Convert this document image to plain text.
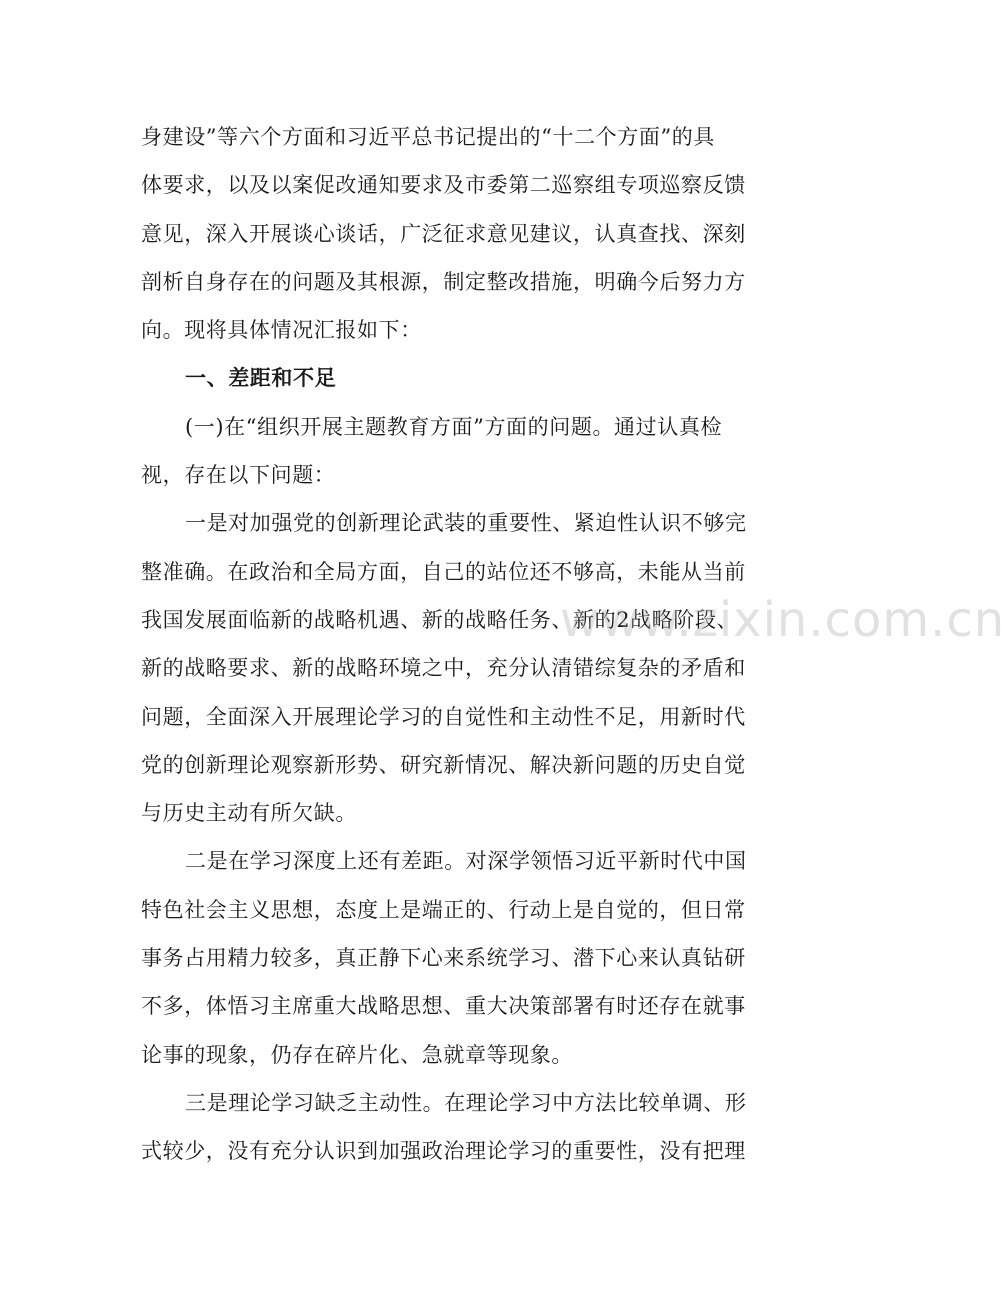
身建设”等六个方面和习近平总书记提出的“十二个方面”的具
体要求，以及以案促改通知要求及市委第二巡察组专项巡察反馈
意见，深入开展谈心谈话，广泛征求意见建议，认真查找、深刻
剖析自身存在的问题及其根源，制定整改措施，明确今后努力方
向。现将具体情况汇报如下：
一、差距和不足
(一)在“组织开展主题教育方面”方面的问题。通过认真检
视，存在以下问题：
一是对加强党的创新理论武装的重要性、紧迫性认识不够完
整准确。在政治和全局方面，自己的站位还不够高，未能从当前
我国发展面临新的战略机遇、新的战略任务、新的2战略阶段、
新的战略要求、新的战略环境之中，充分认清错综复杂的矛盾和
问题，全面深入开展理论学习的自觉性和主动性不足，用新时代
党的创新理论观察新形势、研究新情况、解决新问题的历史自觉
与历史主动有所欠缺。
二是在学习深度上还有差距。对深学领悟习近平新时代中国
特色社会主义思想，态度上是端正的、行动上是自觉的，但日常
事务占用精力较多，真正静下心来系统学习、潜下心来认真钻研
不多，体悟习主席重大战略思想、重大决策部署有时还存在就事
论事的现象，仍存在碎片化、急就章等现象。
三是理论学习缺乏主动性。在理论学习中方法比较单调、形
式较少，没有充分认识到加强政治理论学习的重要性，没有把理
www.zixin.com.cn
